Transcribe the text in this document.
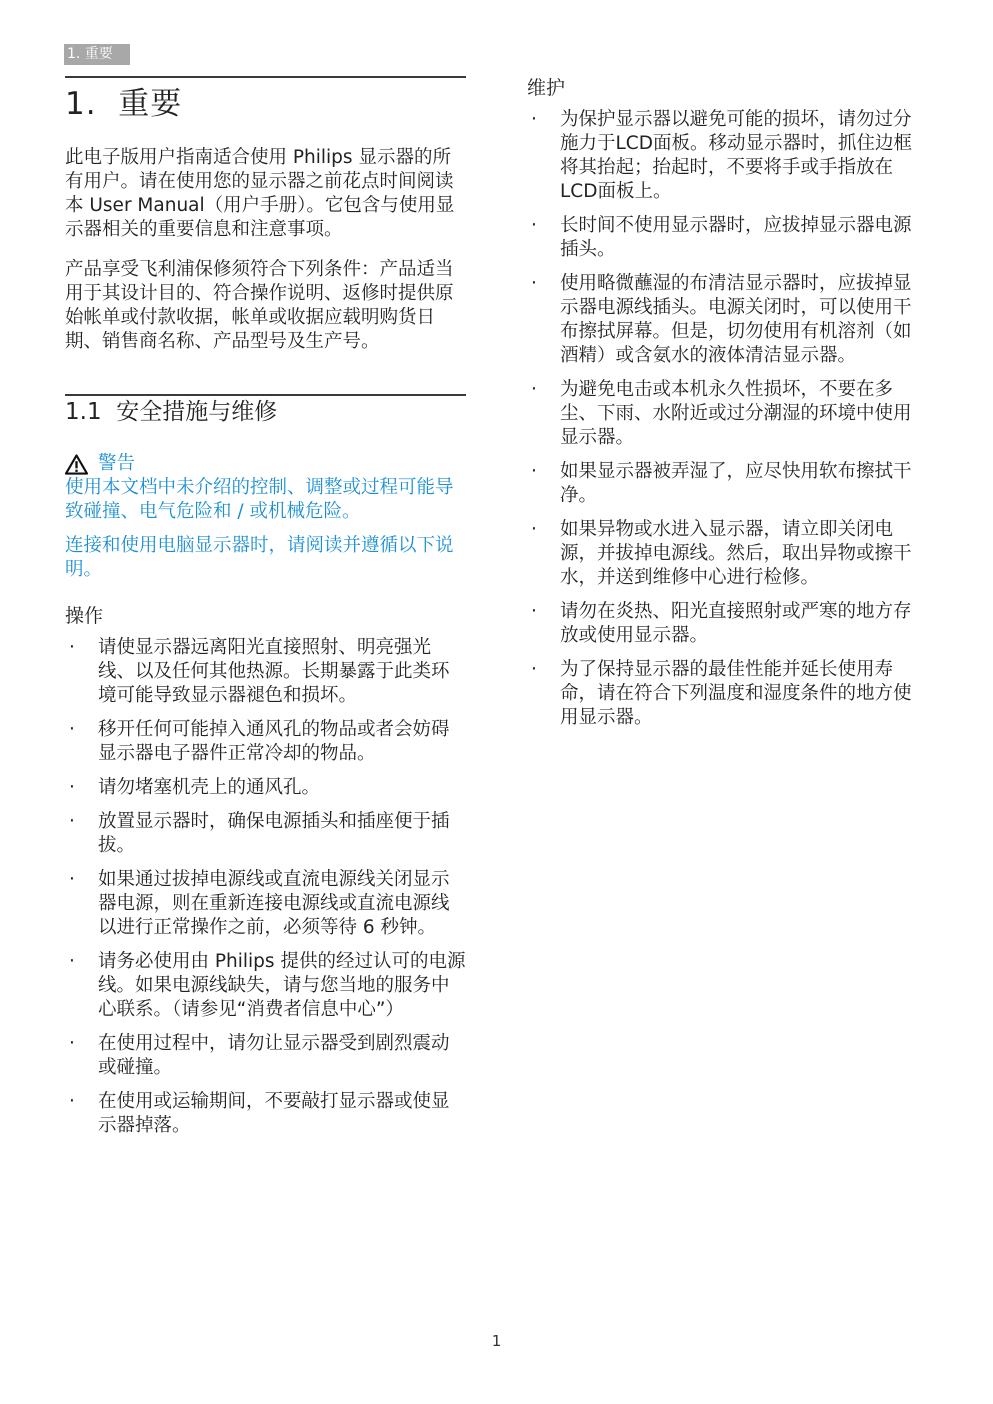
1. 重要
1. 重要

此电子版用户指南适合使用 Philips 显示器的所有用户。请在使用您的显示器之前花点时间阅读本 User Manual（用户手册）。它包含与使用显示器相关的重要信息和注意事项。

产品享受飞利浦保修须符合下列条件：产品适当用于其设计目的、符合操作说明、返修时提供原始帐单或付款收据，帐单或收据应载明购货日期、销售商名称、产品型号及生产号。

1.1 安全措施与维修
警告

使用本文档中未介绍的控制、调整或过程可能导致碰撞、电气危险和 / 或机械危险。

连接和使用电脑显示器时，请阅读并遵循以下说明。

操作
· 请使显示器远离阳光直接照射、明亮强光线、以及任何其他热源。长期暴露于此类环境可能导致显示器褪色和损坏。
· 移开任何可能掉入通风孔的物品或者会妨碍显示器电子器件正常冷却的物品。
· 请勿堵塞机壳上的通风孔。
· 放置显示器时，确保电源插头和插座便于插拔。
· 如果通过拔掉电源线或直流电源线关闭显示器电源，则在重新连接电源线或直流电源线以进行正常操作之前，必须等待 6 秒钟。
· 请务必使用由 Philips 提供的经过认可的电源线。如果电源线缺失，请与您当地的服务中心联系。（请参见“消费者信息中心”）
· 在使用过程中，请勿让显示器受到剧烈震动或碰撞。
· 在使用或运输期间，不要敲打显示器或使显示器掉落。
维护
· 为保护显示器以避免可能的损坏，请勿过分施力于LCD面板。移动显示器时，抓住边框将其抬起；抬起时，不要将手或手指放在LCD面板上。
· 长时间不使用显示器时，应拔掉显示器电源插头。
· 使用略微蘸湿的布清洁显示器时，应拔掉显示器电源线插头。电源关闭时，可以使用干布擦拭屏幕。但是，切勿使用有机溶剂（如酒精）或含氨水的液体清洁显示器。
· 为避免电击或本机永久性损坏，不要在多尘、下雨、水附近或过分潮湿的环境中使用显示器。
· 如果显示器被弄湿了，应尽快用软布擦拭干净。
· 如果异物或水进入显示器，请立即关闭电源，并拔掉电源线。然后，取出异物或擦干水，并送到维修中心进行检修。
· 请勿在炎热、阳光直接照射或严寒的地方存放或使用显示器。
· 为了保持显示器的最佳性能并延长使用寿命，请在符合下列温度和湿度条件的地方使用显示器。
1
